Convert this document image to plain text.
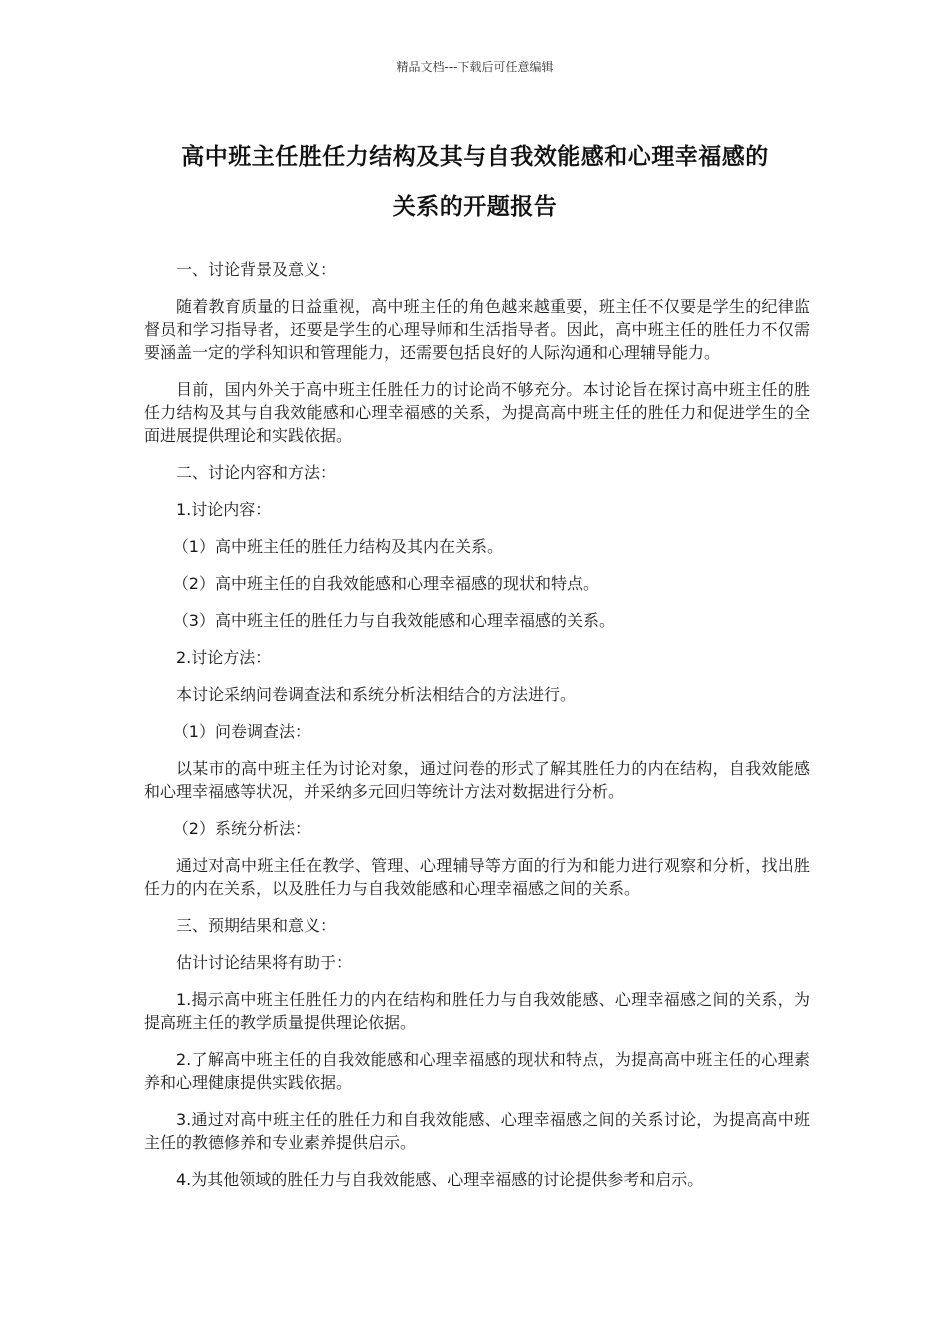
精品文档---下载后可任意编辑
高中班主任胜任力结构及其与自我效能感和心理幸福感的
关系的开题报告

一、讨论背景及意义：

随着教育质量的日益重视，高中班主任的角色越来越重要，班主任不仅要是学生的纪律监督员和学习指导者，还要是学生的心理导师和生活指导者。因此，高中班主任的胜任力不仅需要涵盖一定的学科知识和管理能力，还需要包括良好的人际沟通和心理辅导能力。

目前，国内外关于高中班主任胜任力的讨论尚不够充分。本讨论旨在探讨高中班主任的胜任力结构及其与自我效能感和心理幸福感的关系，为提高高中班主任的胜任力和促进学生的全面进展提供理论和实践依据。

二、讨论内容和方法：

1.讨论内容：

（1）高中班主任的胜任力结构及其内在关系。

（2）高中班主任的自我效能感和心理幸福感的现状和特点。

（3）高中班主任的胜任力与自我效能感和心理幸福感的关系。

2.讨论方法：

本讨论采纳问卷调查法和系统分析法相结合的方法进行。

（1）问卷调查法：

以某市的高中班主任为讨论对象，通过问卷的形式了解其胜任力的内在结构，自我效能感和心理幸福感等状况，并采纳多元回归等统计方法对数据进行分析。

（2）系统分析法：

通过对高中班主任在教学、管理、心理辅导等方面的行为和能力进行观察和分析，找出胜任力的内在关系，以及胜任力与自我效能感和心理幸福感之间的关系。

三、预期结果和意义：

估计讨论结果将有助于：

1.揭示高中班主任胜任力的内在结构和胜任力与自我效能感、心理幸福感之间的关系，为提高班主任的教学质量提供理论依据。

2.了解高中班主任的自我效能感和心理幸福感的现状和特点，为提高高中班主任的心理素养和心理健康提供实践依据。

3.通过对高中班主任的胜任力和自我效能感、心理幸福感之间的关系讨论，为提高高中班主任的教德修养和专业素养提供启示。

4.为其他领域的胜任力与自我效能感、心理幸福感的讨论提供参考和启示。
